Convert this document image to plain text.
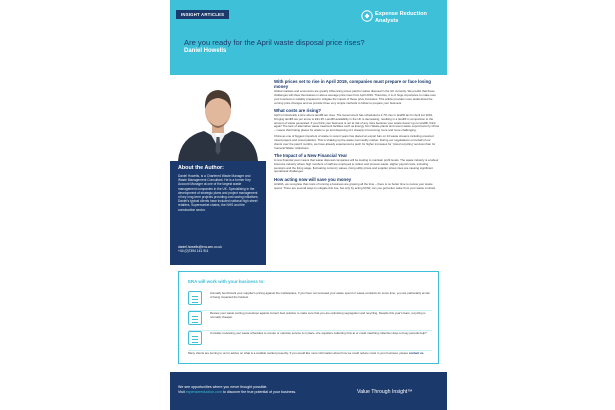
INSIGHT ARTICLES	Expense Reduction
Analysts
Are you ready for the April waste disposal price rises?
Daniel Howells
About the Author:
Daniel Howells, is a Chartered Waste Manager and Waste Management Consultant. He is a former Key Account Manager at one of the largest waste management companies in the UK. Specialising in the development of strategic plans and project management of key long-term projects providing cost saving initiatives. Daniel's typical clients have included national high street retailers, Supermarket chains, the NHS and the construction sector.
daniel.howells@era-wm.co.uk
+44 (0)7394 141 911
With prices set to rise in April 2019, companies must prepare or face losing money
Global markets and economics are greatly influencing prices paid for waste disposal in the UK currently. We predict that these challenges will show themselves in above average price rises from April 2019. Therefore, it is of huge importance to make sure your business is suitably prepared to mitigate the impact of these price increases. This article provides more detail about the coming price changes and we provide three very simple methods to follow to prepare your business.
What costs are rising?
April is historically a time where landfill tax rises. The Government has scheduled a 2.7% rise in landfill tax for April 1st 2019, bringing landfill tax per tonne to £91.35. Landfill availability in the UK is decreasing, resulting in a landfill in comparison to the amount of waste generated. If you think your business is not at risk of any rises because your waste doesn't go to landfill, think again! The lack of alternative waste treatment facilities such as Energy from Waste plants and recent waste export bans by China – means that finding places for waste to go and disposing of it cheaply is becoming more and more challenging.
China as one of biggest importers of waste in recent years has placed an export ban on 24 waste streams including unsorted mixed papers and mixed plastics. This is shaking up the waste commodity market. During our negotiations on behalf of our clients over the past 6 months, we have already experienced a push for higher increases for 'mixed recycling' services than for 'General Waste' collections.
The Impact of a New Financial Year
A new financial year means that waste disposal companies will be looking to maintain profit levels. The waste industry is a labour intensive industry where high numbers of staff are employed to collect and process waste. Higher payroll costs, including pensions and the living wage, fluctuating currency values, rising utility prices and supplier prices rises are causing significant operational challenges.
How acting now will save you money
At ERA, we recognise that costs of running a business are growing all the time – there is no better time to review your waste spend. There are several ways to mitigate this rise, but only by acting NOW, can you get better value from your waste contract.
ERA will work with your business to:
Annually benchmark your supplier's pricing against the marketplace, if you have not reviewed your waste spend or waste contracts for some time, you are particularly at risk of being impacted the hardest.
Review your waste sorting procedures against current best practice to make sure that you are optimising segregation and recycling. Despite this year's fears, recycling is normally cheaper.
Consider reviewing your waste schedules to ensure or optimise service is in place. Are suppliers collecting bins at or could matching collection days to busy periods help?
Many clients are turning to us for advice on what is a suitable market presently. If you would like more information about how we could reduce costs in your business, please contact us.
We see opportunities where you never thought possible.
Visit expensereduction.com to discover the true potential of your business.	Value Through Insight™
